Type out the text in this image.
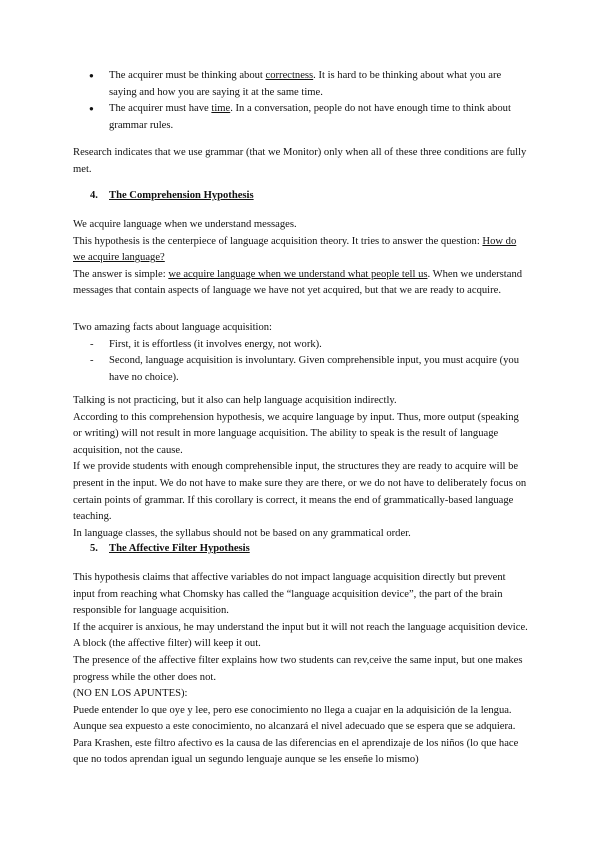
● The acquirer must be thinking about correctness. It is hard to be thinking about what you are saying and how you are saying it at the same time.
● The acquirer must have time. In a conversation, people do not have enough time to think about grammar rules.

Research indicates that we use grammar (that we Monitor) only when all of these three conditions are fully met.

4. The Comprehension Hypothesis

We acquire language when we understand messages.

This hypothesis is the centerpiece of language acquisition theory. It tries to answer the question: How do we acquire language?

The answer is simple: we acquire language when we understand what people tell us. When we understand messages that contain aspects of language we have not yet acquired, but that we are ready to acquire.

Two amazing facts about language acquisition:

- First, it is effortless (it involves energy, not work).
- Second, language acquisition is involuntary. Given comprehensible input, you must acquire (you have no choice).

Talking is not practicing, but it also can help language acquisition indirectly.

According to this comprehension hypothesis, we acquire language by input. Thus, more output (speaking or writing) will not result in more language acquisition. The ability to speak is the result of language acquisition, not the cause.

If we provide students with enough comprehensible input, the structures they are ready to acquire will be present in the input. We do not have to make sure they are there, or we do not have to deliberately focus on certain points of grammar. If this corollary is correct, it means the end of grammatically-based language teaching.

In language classes, the syllabus should not be based on any grammatical order.

5. The Affective Filter Hypothesis

This hypothesis claims that affective variables do not impact language acquisition directly but prevent input from reaching what Chomsky has called the “language acquisition device”, the part of the brain responsible for language acquisition.

If the acquirer is anxious, he may understand the input but it will not reach the language acquisition device. A block (the affective filter) will keep it out.

The presence of the affective filter explains how two students can rev,ceive the same input, but one makes progress while the other does not.

(NO EN LOS APUNTES):

Puede entender lo que oye y lee, pero ese conocimiento no llega a cuajar en la adquisición de la lengua. Aunque sea expuesto a este conocimiento, no alcanzará el nivel adecuado que se espera que se adquiera.

Para Krashen, este filtro afectivo es la causa de las diferencias en el aprendizaje de los niños (lo que hace que no todos aprendan igual un segundo lenguaje aunque se les enseñe lo mismo)
